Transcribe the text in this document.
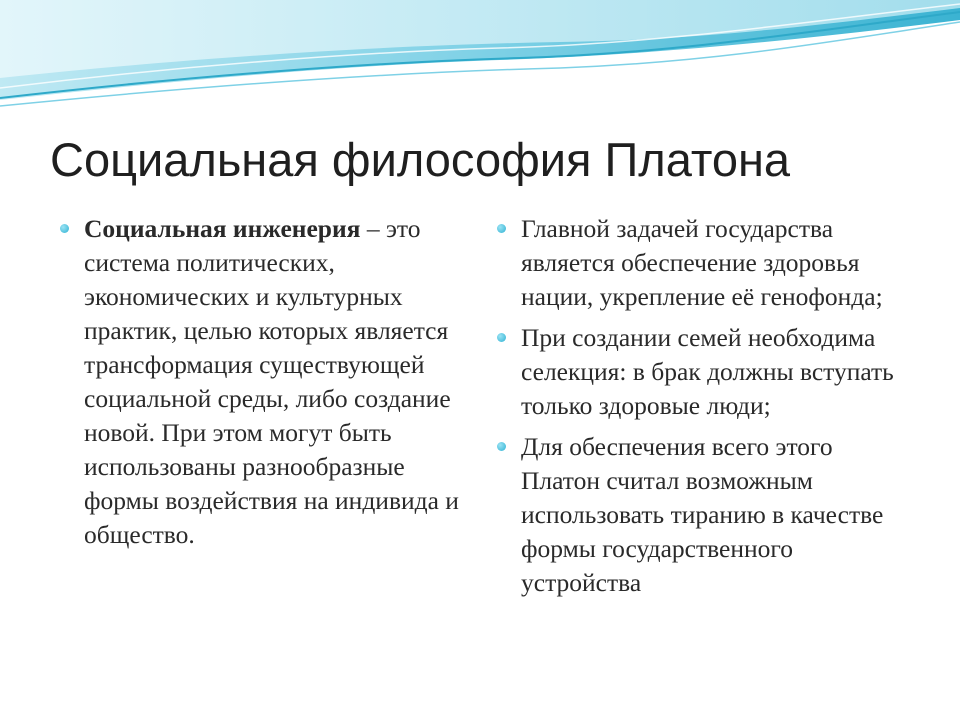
Социальная философия Платона
Социальная инженерия – это система политических, экономических и культурных практик, целью которых является трансформация существующей социальной среды, либо создание новой. При этом могут быть использованы разнообразные формы воздействия на индивида и общество.
Главной задачей государства является обеспечение здоровья нации, укрепление её генофонда;
При создании семей необходима селекция: в брак должны вступать только здоровые люди;
Для обеспечения всего этого Платон считал возможным использовать тиранию в качестве формы государственного устройства
